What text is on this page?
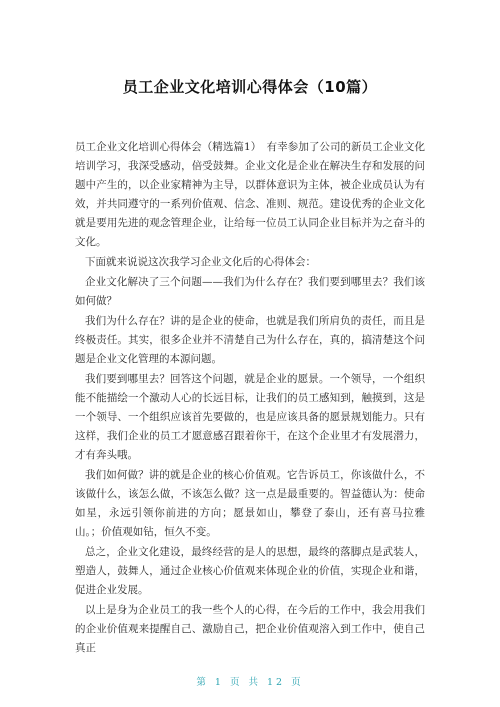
员工企业文化培训心得体会（10篇）

员工企业文化培训心得体会（精选篇1）　有幸参加了公司的新员工企业文化培训学习，我深受感动，倍受鼓舞。企业文化是企业在解决生存和发展的问题中产生的，以企业家精神为主导，以群体意识为主体，被企业成员认为有效，并共同遵守的一系列价值观、信念、准则、规范。建设优秀的企业文化就是要用先进的观念管理企业，让给每一位员工认同企业目标并为之奋斗的文化。

下面就来说说这次我学习企业文化后的心得体会：

企业文化解决了三个问题——我们为什么存在？我们要到哪里去？我们该如何做？

我们为什么存在？讲的是企业的使命，也就是我们所肩负的责任，而且是终极责任。其实，很多企业并不清楚自己为什么存在，真的，搞清楚这个问题是企业文化管理的本源问题。

我们要到哪里去？回答这个问题，就是企业的愿景。一个领导，一个组织能不能描绘一个激动人心的长远目标，让我们的员工感知到，触摸到，这是一个领导、一个组织应该首先要做的，也是应该具备的愿景规划能力。只有这样，我们企业的员工才愿意感召跟着你干，在这个企业里才有发展潜力，才有奔头哦。

我们如何做？讲的就是企业的核心价值观。它告诉员工，你该做什么，不该做什么，该怎么做，不该怎么做？这一点是最重要的。智益德认为：使命如星，永远引领你前进的方向；愿景如山，攀登了泰山，还有喜马拉雅山。；价值观如钻，恒久不变。

总之，企业文化建设，最终经营的是人的思想，最终的落脚点是武装人，塑造人，鼓舞人，通过企业核心价值观来体现企业的价值，实现企业和谐，促进企业发展。

以上是身为企业员工的我一些个人的心得，在今后的工作中，我会用我们的企业价值观来提醒自己、激励自己，把企业价值观溶入到工作中，使自己真正

第 1 页 共 12 页
